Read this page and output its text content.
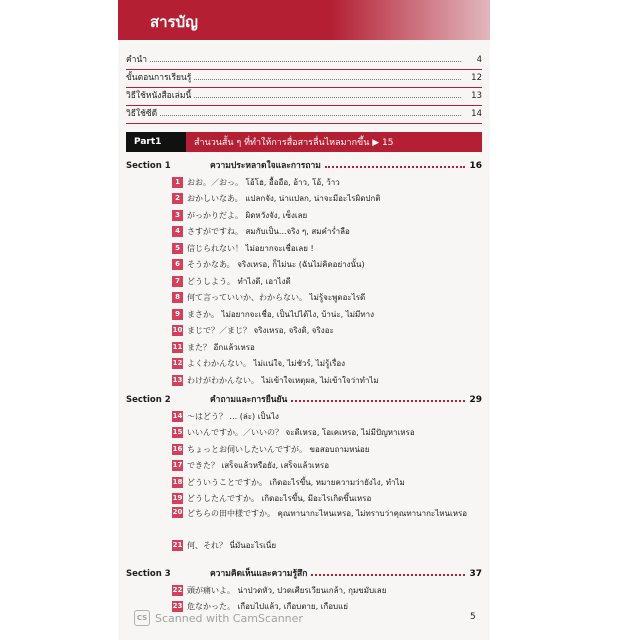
สารบัญ
คำนำ	4
ขั้นตอนการเรียนรู้	12
วิธีใช้หนังสือเล่มนี้	13
วิธีใช้ซีดี	14
Part1	สำนวนสั้น ๆ ที่ทำให้การสื่อสารลื่นไหลมากขึ้น ▶ 15
Section 1	ความประหลาดใจและการถาม	16
1 おお。／おっ。 โอ้โฮ, อื้ออือ, อ้าว, โอ้, ว้าว
2 おかしいなあ。 แปลกจัง, น่าแปลก, น่าจะมีอะไรผิดปกติ
3 がっかりだよ。 ผิดหวังจัง, เซ็งเลย
4 さすがですね。 สมกับเป็น...จริง ๆ, สมคำร่ำลือ
5 信じられない！ ไม่อยากจะเชื่อเลย !
6 そうかなあ。 จริงเหรอ, ก็ไม่นะ (ฉันไม่คิดอย่างนั้น)
7 どうしよう。 ทำไงดี, เอาไงดี
8 何て言っていいか、わからない。 ไม่รู้จะพูดอะไรดี
9 まさか。 ไม่อยากจะเชื่อ, เป็นไปได้ไง, บ้าน่ะ, ไม่มีทาง
10 まじで？／まじ？ จริงเหรอ, จริงดิ, จริงอะ
11 また？ อีกแล้วเหรอ
12 よくわかんない。 ไม่แน่ใจ, ไม่ชัวร์, ไม่รู้เรื่อง
13 わけがわかんない。 ไม่เข้าใจเหตุผล, ไม่เข้าใจว่าทำไม
Section 2	คำถามและการยืนยัน	29
14 ～はどう？ ... (ล่ะ) เป็นไง
15 いいんですか。／いいの？ จะดีเหรอ, โอเคเหรอ, ไม่มีปัญหาเหรอ
16 ちょっとお伺いしたいんですが。 ขอสอบถามหน่อย
17 できた？ เสร็จแล้วหรือยัง, เสร็จแล้วเหรอ
18 どういうことですか。 เกิดอะไรขึ้น, หมายความว่ายังไง, ทำไม
19 どうしたんですか。 เกิดอะไรขึ้น, มีอะไรเกิดขึ้นเหรอ
20 どちらの田中様ですか。 คุณทานากะไหนเหรอ, ไม่ทราบว่าคุณทานากะไหนเหรอ
21 何、それ？ นี่มันอะไรเนี่ย
Section 3	ความคิดเห็นและความรู้สึก	37
22 頭が痛いよ。 น่าปวดหัว, ปวดเศียรเวียนเกล้า, กุมขมับเลย
23 危なかった。 เกือบไปแล้ว, เกือบตาย, เกือบแย่
CS Scanned with CamScanner	5
